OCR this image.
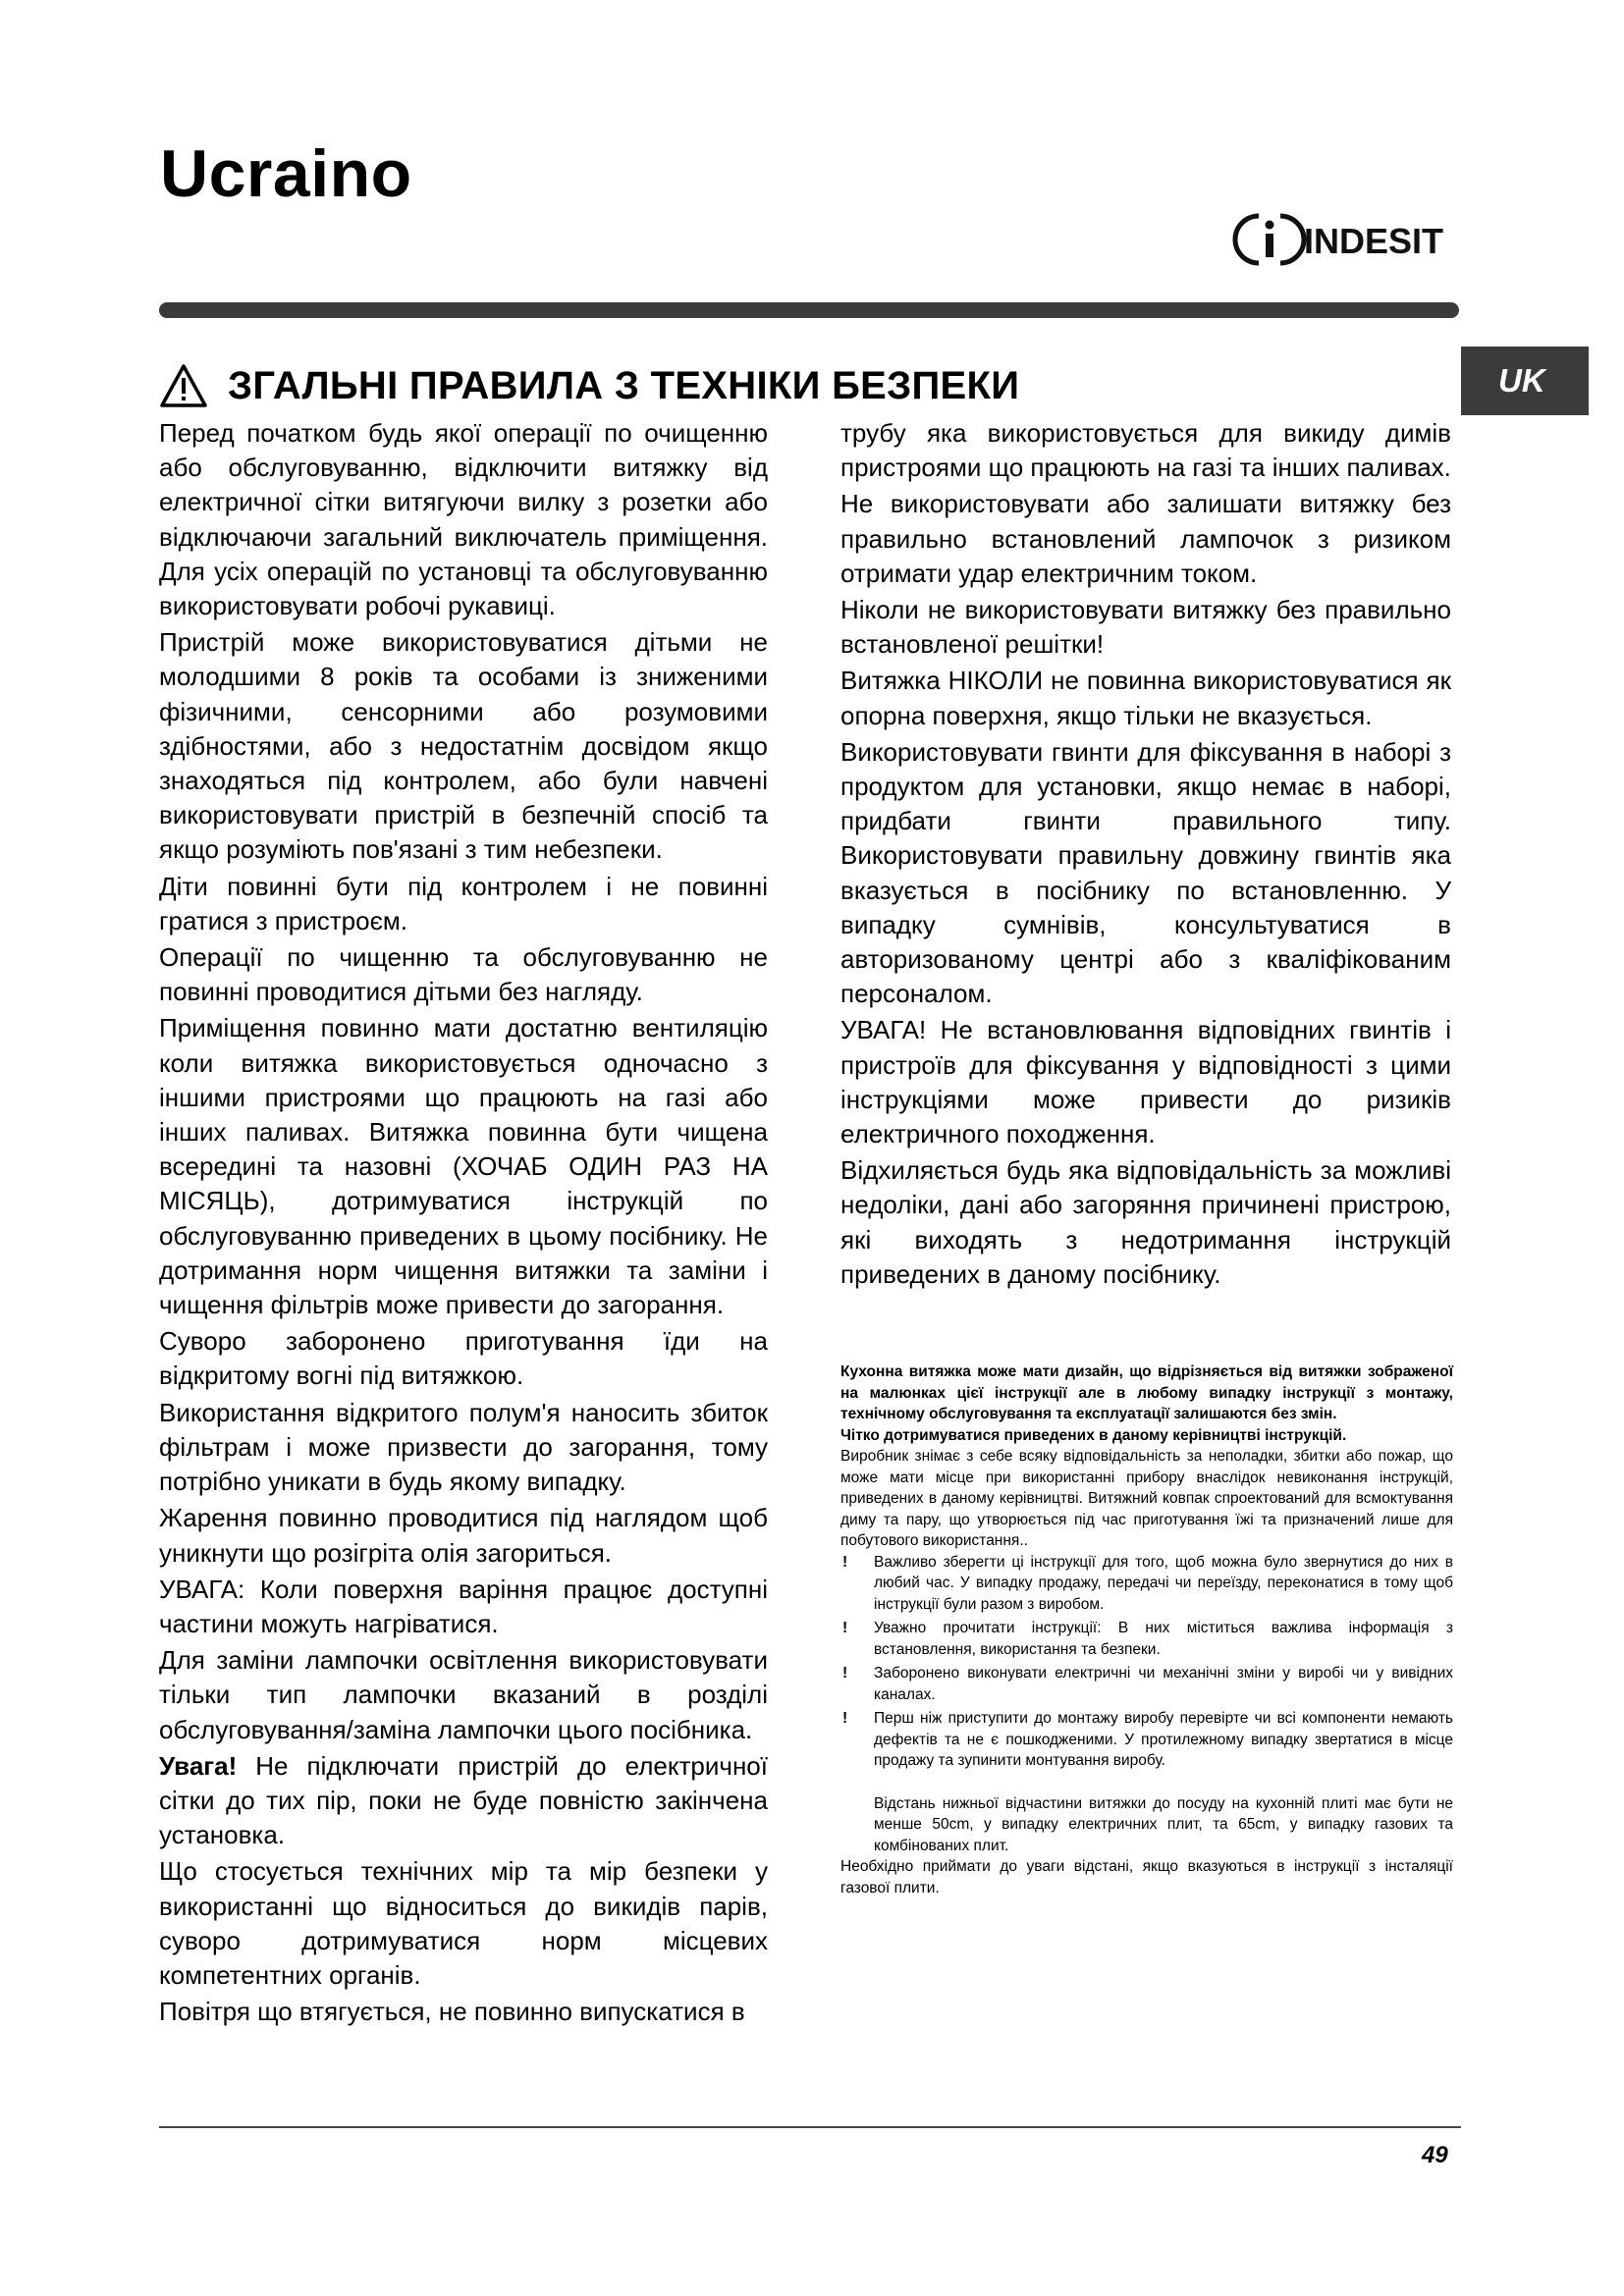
Ucraino
INDESIT
UK
ЗГАЛЬНІ ПРАВИЛА З ТЕХНІКИ БЕЗПЕКИ

Перед початком будь якої операції по очищенню або обслуговуванню, відключити витяжку від електричної сітки витягуючи вилку з розетки або відключаючи загальний виключатель приміщення. Для усіх операцій по установці та обслуговуванню використовувати робочі рукавиці.

Пристрій може використовуватися дітьми не молодшими 8 років та особами із зниженими фізичними, сенсорними або розумовими здібностями, або з недостатнім досвідом якщо знаходяться під контролем, або були навчені використовувати пристрій в безпечній спосіб та якщо розуміють пов'язані з тим небезпеки.

Діти повинні бути під контролем і не повинні гратися з пристроєм.

Операції по чищенню та обслуговуванню не повинні проводитися дітьми без нагляду.

Приміщення повинно мати достатню вентиляцію коли витяжка використовується одночасно з іншими пристроями що працюють на газі або інших паливах. Витяжка повинна бути чищена всередині та назовні (ХОЧАБ ОДИН РАЗ НА МІСЯЦЬ), дотримуватися інструкцій по обслуговуванню приведених в цьому посібнику. Не дотримання норм чищення витяжки та заміни і чищення фільтрів може привести до загорання.

Суворо заборонено приготування їди на відкритому вогні під витяжкою.

Використання відкритого полум'я наносить збиток фільтрам і може призвести до загорання, тому потрібно уникати в будь якому випадку.

Жарення повинно проводитися під наглядом щоб уникнути що розігріта олія загориться.

УВАГА: Коли поверхня варіння працює доступні частини можуть нагріватися.

Для заміни лампочки освітлення використовувати тільки тип лампочки вказаний в розділі обслуговування/заміна лампочки цього посібника.

Увага! Не підключати пристрій до електричної сітки до тих пір, поки не буде повністю закінчена установка.

Що стосується технічних мір та мір безпеки у використанні що відноситься до викидів парів, суворо дотримуватися норм місцевих компетентних органів.

Повітря що втягується, не повинно випускатися в

трубу яка використовується для викиду димів пристроями що працюють на газі та інших паливах.

Не використовувати або залишати витяжку без правильно встановлений лампочок з ризиком отримати удар електричним током.

Ніколи не використовувати витяжку без правильно встановленої решітки!

Витяжка НІКОЛИ не повинна використовуватися як опорна поверхня, якщо тільки не вказується.

Використовувати гвинти для фіксування в наборі з продуктом для установки, якщо немає в наборі, придбати гвинти правильного типу. Використовувати правильну довжину гвинтів яка вказується в посібнику по встановленню. У випадку сумнівів, консультуватися в авторизованому центрі або з кваліфікованим персоналом.

УВАГА! Не встановлювання відповідних гвинтів і пристроїв для фіксування у відповідності з цими інструкціями може привести до ризиків електричного походження.

Відхиляється будь яка відповідальність за можливі недоліки, дані або загоряння причинені пристрою, які виходять з недотримання інструкцій приведених в даному посібнику.

Кухонна витяжка може мати дизайн, що відрізняється від витяжки зображеної на малюнках цієї інструкції але в любому випадку інструкції з монтажу, технічному обслуговування та експлуатації залишаются без змін.

Чітко дотримуватися приведених в даному керівництві інструкцій.

Виробник знімає з себе всяку відповідальність за неполадки, збитки або пожар, що може мати місце при використанні прибору внаслідок невиконання інструкцій, приведених в даному керівництві. Витяжний ковпак спроектований для всмоктування диму та пару, що утворюється під час приготування їжі та призначений лише для побутового використання..

! Важливо зберегти ці інструкції для того, щоб можна було звернутися до них в любий час. У випадку продажу, передачі чи переїзду, переконатися в тому щоб інструкції були разом з виробом.
! Уважно прочитати інструкції: В них міститься важлива інформація з встановлення, використання та безпеки.
! Заборонено виконувати електричні чи механічні зміни у виробі чи у вивідних каналах.
! Перш ніж приступити до монтажу виробу перевірте чи всі компоненти немають дефектів та не є пошкодженими. У протилежному випадку звертатися в місце продажу та зупинити монтування виробу.

Відстань нижньої відчастини витяжки до посуду на кухонній плиті має бути не менше 50cm, у випадку електричних плит, та 65cm, у випадку газових та комбінованих плит.

Необхідно приймати до уваги відстані, якщо вказуються в інструкції з інсталяції газової плити.

49
